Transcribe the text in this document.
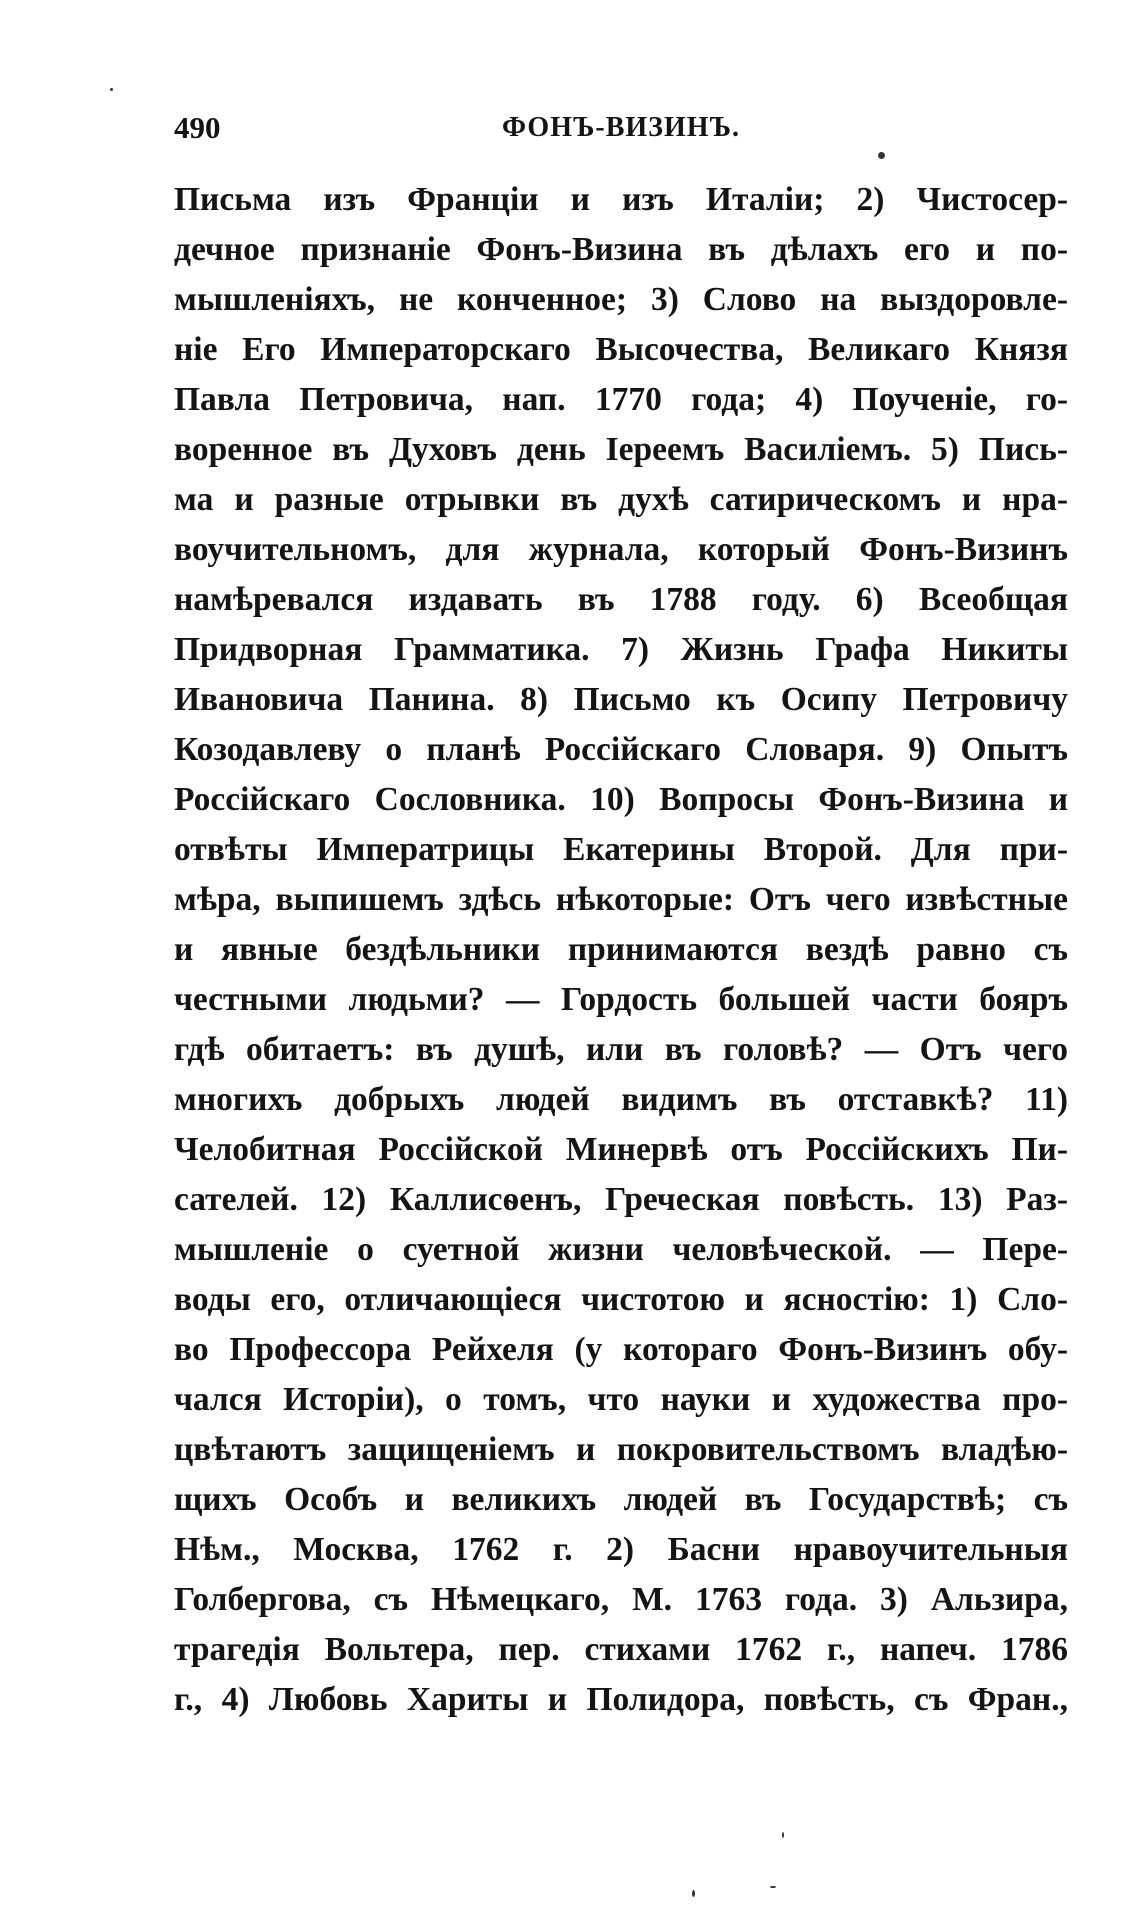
490	ФОНЪ-ВИЗИНЪ.
Письма изъ Франціи и изъ Италіи; 2) Чистосер-
дечное признаніе Фонъ-Визина въ дѣлахъ его и по-
мышленіяхъ, не конченное; 3) Слово на выздоровле-
ніе Его Императорскаго Высочества, Великаго Князя
Павла Петровича, нап. 1770 года; 4) Поученіе, го-
воренное въ Духовъ день Іереемъ Василіемъ. 5) Пись-
ма и разные отрывки въ духѣ сатирическомъ и нра-
воучительномъ, для журнала, который Фонъ-Визинъ
намѣревался издавать въ 1788 году. 6) Всеобщая
Придворная Грамматика. 7) Жизнь Графа Никиты
Ивановича Панина. 8) Письмо къ Осипу Петровичу
Козодавлеву о планѣ Россійскаго Словаря. 9) Опытъ
Россійскаго Сословника. 10) Вопросы Фонъ-Визина и
отвѣты Императрицы Екатерины Второй. Для при-
мѣра, выпишемъ здѣсь нѣкоторые: Отъ чего извѣстные
и явные бездѣльники принимаются вездѣ равно съ
честными людьми? — Гордость большей части бояръ
гдѣ обитаетъ: въ душѣ, или въ головѣ? — Отъ чего
многихъ добрыхъ людей видимъ въ отставкѣ? 11)
Челобитная Россійской Минервѣ отъ Россійскихъ Пи-
сателей. 12) Каллисѳенъ, Греческая повѣсть. 13) Раз-
мышленіе о суетной жизни человѣческой. — Пере-
воды его, отличающіеся чистотою и ясностію: 1) Сло-
во Профессора Рейхеля (у котораго Фонъ-Визинъ обу-
чался Исторіи), о томъ, что науки и художества про-
цвѣтаютъ защищеніемъ и покровительствомъ владѣю-
щихъ Особъ и великихъ людей въ Государствѣ; съ
Нѣм., Москва, 1762 г. 2) Басни нравоучительныя
Голбергова, съ Нѣмецкаго, М. 1763 года. 3) Альзира,
трагедія Вольтера, пер. стихами 1762 г., напеч. 1786
г., 4) Любовь Хариты и Полидора, повѣсть, съ Фран.,
